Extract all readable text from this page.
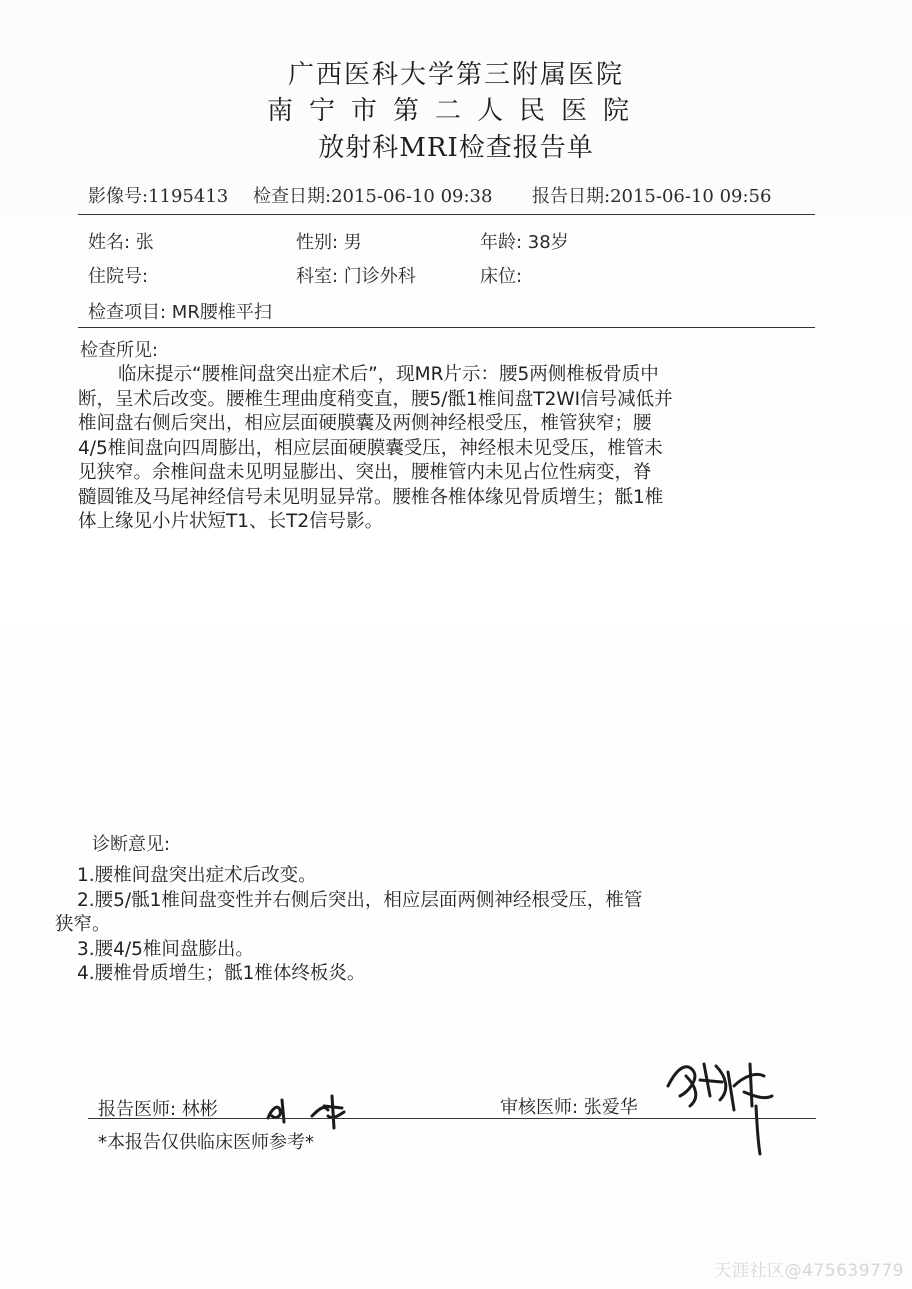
广西医科大学第三附属医院
南宁市第二人民医院
放射科MRI检查报告单
影像号:1195413 检查日期:2015-06-10 09:38 报告日期:2015-06-10 09:56
姓名: 张	性别: 男	年龄: 38岁
住院号:	科室: 门诊外科	床位:
检查项目: MR腰椎平扫
检查所见:
临床提示“腰椎间盘突出症术后”，现MR片示：腰5两侧椎板骨质中
断，呈术后改变。腰椎生理曲度稍变直，腰5/骶1椎间盘T2WI信号减低并
椎间盘右侧后突出，相应层面硬膜囊及两侧神经根受压，椎管狭窄；腰
4/5椎间盘向四周膨出，相应层面硬膜囊受压，神经根未见受压，椎管未
见狭窄。余椎间盘未见明显膨出、突出，腰椎管内未见占位性病变，脊
髓圆锥及马尾神经信号未见明显异常。腰椎各椎体缘见骨质增生；骶1椎
体上缘见小片状短T1、长T2信号影。
诊断意见:
1.腰椎间盘突出症术后改变。
2.腰5/骶1椎间盘变性并右侧后突出，相应层面两侧神经根受压，椎管
狭窄。
3.腰4/5椎间盘膨出。
4.腰椎骨质增生；骶1椎体终板炎。
报告医师: 林彬	审核医师: 张爱华
*本报告仅供临床医师参考*
天涯社区@475639779
